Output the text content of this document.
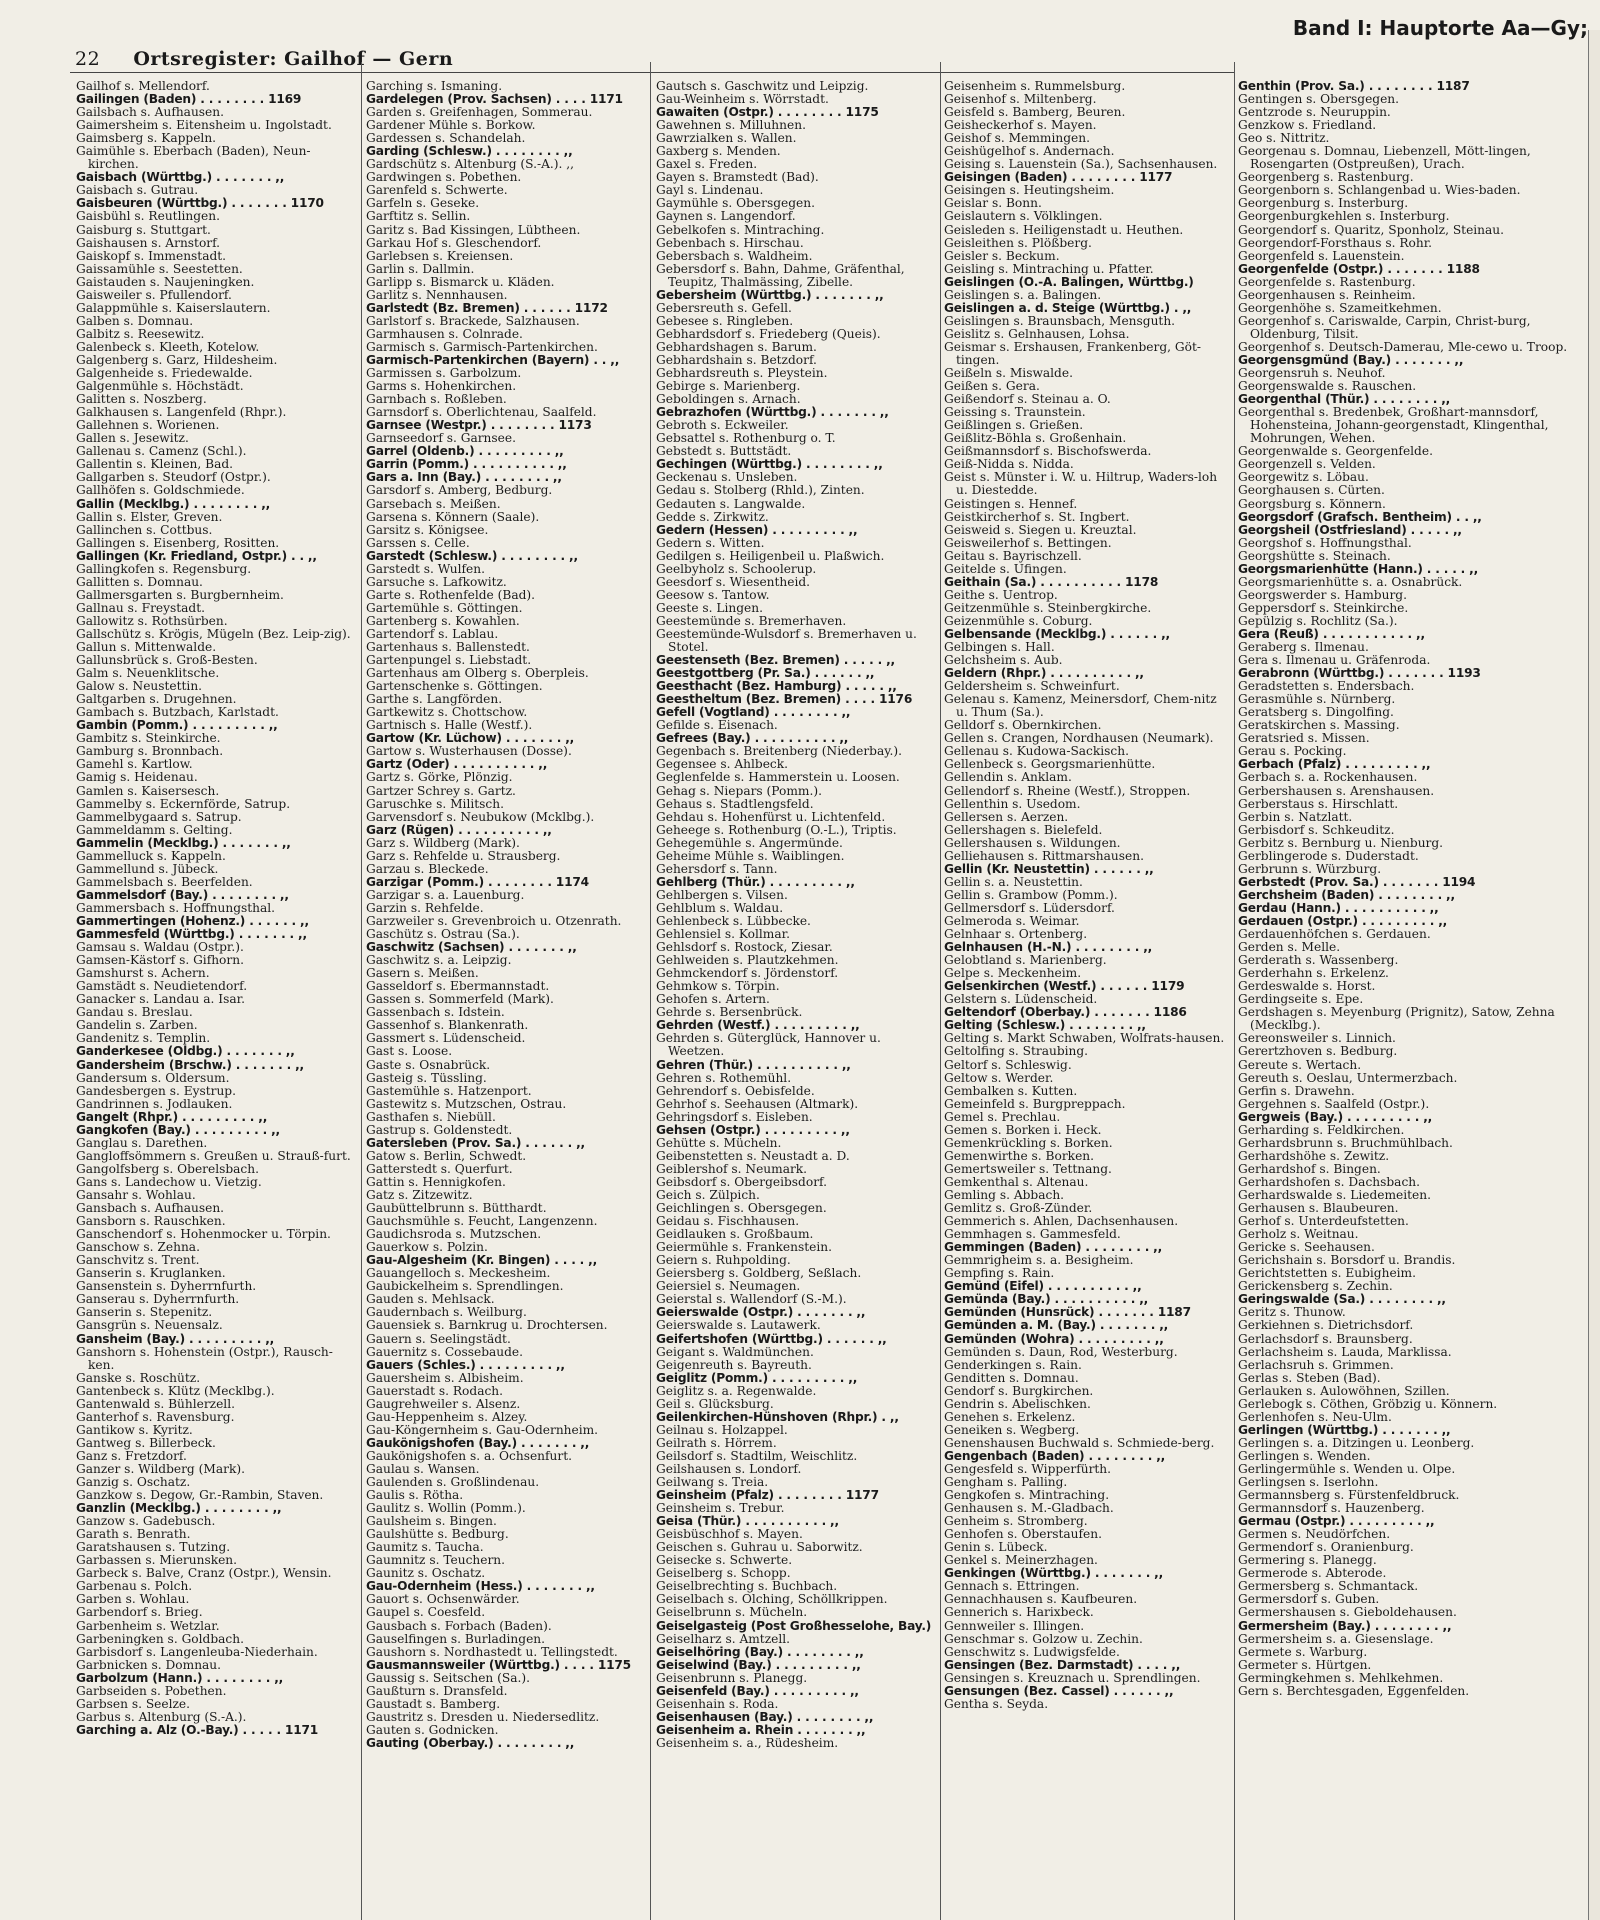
22 Ortsregister: Gailhof — Gern
Band I: Hauptorte Aa—Gy;
Gailhof s. Mellendorf.
Gailingen (Baden) . . . . . . . . 1169
Gailsbach s. Aufhausen.
Gaimersheim s. Eitensheim u. Ingolstadt.
Gaimsberg s. Kappeln.
Gaimühle s. Eberbach (Baden), Neun-kirchen.
Gaisbach (Württbg.) . . . . . . . ,,
Gaisbach s. Gutrau.
Gaisbeuren (Württbg.) . . . . . . . 1170
Gaisbühl s. Reutlingen.
Gaisburg s. Stuttgart.
Gaishausen s. Arnstorf.
Gaiskopf s. Immenstadt.
Gaissamühle s. Seestetten.
Gaistauden s. Naujeningken.
Gaisweiler s. Pfullendorf.
Galappmühle s. Kaiserslautern.
Galben s. Domnau.
Galbitz s. Reesewitz.
Galenbeck s. Kleeth, Kotelow.
Galgenberg s. Garz, Hildesheim.
Galgenheide s. Friedewalde.
Galgenmühle s. Höchstädt.
Galitten s. Noszberg.
Galkhausen s. Langenfeld (Rhpr.).
Gallehnen s. Worienen.
Gallen s. Jesewitz.
Gallenau s. Camenz (Schl.).
Gallentin s. Kleinen, Bad.
Gallgarben s. Steudorf (Ostpr.).
Gallhöfen s. Goldschmiede.
Gallin (Mecklbg.) . . . . . . . . ,,
Gallin s. Elster, Greven.
Gallinchen s. Cottbus.
Gallingen s. Eisenberg, Rositten.
Gallingen (Kr. Friedland, Ostpr.) . . ,,
Gallingkofen s. Regensburg.
Gallitten s. Domnau.
Gallmersgarten s. Burgbernheim.
Gallnau s. Freystadt.
Gallowitz s. Rothsürben.
Gallschütz s. Krögis, Mügeln (Bez. Leip-zig).
Gallun s. Mittenwalde.
Gallunsbrück s. Groß-Besten.
Galm s. Neuenklitsche.
Galow s. Neustettin.
Galtgarben s. Drugehnen.
Gambach s. Butzbach, Karlstadt.
Gambin (Pomm.) . . . . . . . . . ,,
Gambitz s. Steinkirche.
Gamburg s. Bronnbach.
Gamehl s. Kartlow.
Gamig s. Heidenau.
Gamlen s. Kaisersesch.
Gammelby s. Eckernförde, Satrup.
Gammelbygaard s. Satrup.
Gammeldamm s. Gelting.
Gammelin (Mecklbg.) . . . . . . . ,,
Gammelluck s. Kappeln.
Gammellund s. Jübeck.
Gammelsbach s. Beerfelden.
Gammelsdorf (Bay.) . . . . . . . . ,,
Gammersbach s. Hoffnungsthal.
Gammertingen (Hohenz.) . . . . . . ,,
Gammesfeld (Württbg.) . . . . . . . ,,
Gamsau s. Waldau (Ostpr.).
Gamsen-Kästorf s. Gifhorn.
Gamshurst s. Achern.
Gamstädt s. Neudietendorf.
Ganacker s. Landau a. Isar.
Gandau s. Breslau.
Gandelin s. Zarben.
Gandenitz s. Templin.
Ganderkesee (Oldbg.) . . . . . . . ,,
Gandersheim (Brschw.) . . . . . . . ,,
Gandersum s. Oldersum.
Gandesbergen s. Eystrup.
Gandrinnen s. Jodlauken.
Gangelt (Rhpr.) . . . . . . . . . ,,
Gangkofen (Bay.) . . . . . . . . . ,,
Ganglau s. Darethen.
Gangloffsömmern s. Greußen u. Strauß-furt.
Gangolfsberg s. Oberelsbach.
Gans s. Landechow u. Vietzig.
Gansahr s. Wohlau.
Gansbach s. Aufhausen.
Gansborn s. Rauschken.
Ganschendorf s. Hohenmocker u. Törpin.
Ganschow s. Zehna.
Ganschvitz s. Trent.
Ganserin s. Kruglanken.
Gansenstein s. Dyherrnfurth.
Ganserau s. Dyherrnfurth.
Ganserin s. Stepenitz.
Gansgrün s. Neuensalz.
Gansheim (Bay.) . . . . . . . . . ,,
Ganshorn s. Hohenstein (Ostpr.), Rausch-ken.
Ganske s. Roschütz.
Gantenbeck s. Klütz (Mecklbg.).
Gantenwald s. Bühlerzell.
Ganterhof s. Ravensburg.
Gantikow s. Kyritz.
Gantweg s. Billerbeck.
Ganz s. Fretzdorf.
Ganzer s. Wildberg (Mark).
Ganzig s. Oschatz.
Ganzkow s. Degow, Gr.-Rambin, Staven.
Ganzlin (Mecklbg.) . . . . . . . . ,,
Ganzow s. Gadebusch.
Garath s. Benrath.
Garatshausen s. Tutzing.
Garbassen s. Mierunsken.
Garbeck s. Balve, Cranz (Ostpr.), Wensin.
Garbenau s. Polch.
Garben s. Wohlau.
Garbendorf s. Brieg.
Garbenheim s. Wetzlar.
Garbeningken s. Goldbach.
Garbisdorf s. Langenleuba-Niederhain.
Garbnicken s. Domnau.
Garbolzum (Hann.) . . . . . . . . ,,
Garbseiden s. Pobethen.
Garbsen s. Seelze.
Garbus s. Altenburg (S.-A.).
Garching a. Alz (O.-Bay.) . . . . . 1171
Garching s. Ismaning.
Gardelegen (Prov. Sachsen) . . . . 1171
Garden s. Greifenhagen, Sommerau.
Gardener Mühle s. Borkow.
Gardessen s. Schandelah.
Garding (Schlesw.) . . . . . . . . ,,
Gardschütz s. Altenburg (S.-A.). ,,
Gardwingen s. Pobethen.
Garenfeld s. Schwerte.
Garfeln s. Geseke.
Garftitz s. Sellin.
Garitz s. Bad Kissingen, Lübtheen.
Garkau Hof s. Gleschendorf.
Garlebsen s. Kreiensen.
Garlin s. Dallmin.
Garlipp s. Bismarck u. Kläden.
Garlitz s. Nennhausen.
Garlstedt (Bz. Bremen) . . . . . . 1172
Garlstorf s. Brackede, Salzhausen.
Garmhausen s. Colnrade.
Garmisch s. Garmisch-Partenkirchen.
Garmisch-Partenkirchen (Bayern) . . ,,
Garmissen s. Garbolzum.
Garms s. Hohenkirchen.
Garnbach s. Roßleben.
Garnsdorf s. Oberlichtenau, Saalfeld.
Garnsee (Westpr.) . . . . . . . . 1173
Garnseedorf s. Garnsee.
Garrel (Oldenb.) . . . . . . . . . ,,
Garrin (Pomm.) . . . . . . . . . . ,,
Gars a. Inn (Bay.) . . . . . . . . ,,
Garsdorf s. Amberg, Bedburg.
Garsebach s. Meißen.
Garsena s. Könnern (Saale).
Garsitz s. Königsee.
Garssen s. Celle.
Garstedt (Schlesw.) . . . . . . . . ,,
Garstedt s. Wulfen.
Garsuche s. Lafkowitz.
Garte s. Rothenfelde (Bad).
Gartemühle s. Göttingen.
Gartenberg s. Kowahlen.
Gartendorf s. Lablau.
Gartenhaus s. Ballenstedt.
Gartenpungel s. Liebstadt.
Gartenhaus am Ölberg s. Oberpleis.
Gartenschenke s. Göttingen.
Garthe s. Langförden.
Gartkewitz s. Chottschow.
Gartnisch s. Halle (Westf.).
Gartow (Kr. Lüchow) . . . . . . . ,,
Gartow s. Wusterhausen (Dosse).
Gartz (Oder) . . . . . . . . . . ,,
Gartz s. Görke, Plönzig.
Gartzer Schrey s. Gartz.
Garuschke s. Militsch.
Garvensdorf s. Neubukow (Mcklbg.).
Garz (Rügen) . . . . . . . . . . ,,
Garz s. Wildberg (Mark).
Garz s. Rehfelde u. Strausberg.
Garzau s. Bleckede.
Garzigar (Pomm.) . . . . . . . . 1174
Garzigar s. a. Lauenburg.
Garzin s. Rehfelde.
Garzweiler s. Grevenbroich u. Otzenrath.
Gaschütz s. Ostrau (Sa.).
Gaschwitz (Sachsen) . . . . . . . ,,
Gaschwitz s. a. Leipzig.
Gasern s. Meißen.
Gasseldorf s. Ebermannstadt.
Gassen s. Sommerfeld (Mark).
Gassenbach s. Idstein.
Gassenhof s. Blankenrath.
Gassmert s. Lüdenscheid.
Gast s. Loose.
Gaste s. Osnabrück.
Gasteig s. Tüssling.
Gastemühle s. Hatzenport.
Gastewitz s. Mutzschen, Ostrau.
Gasthafen s. Niebüll.
Gastrup s. Goldenstedt.
Gatersleben (Prov. Sa.) . . . . . . ,,
Gatow s. Berlin, Schwedt.
Gatterstedt s. Querfurt.
Gattin s. Hennigkofen.
Gatz s. Zitzewitz.
Gaubüttelbrunn s. Bütthardt.
Gauchsmühle s. Feucht, Langenzenn.
Gaudichsroda s. Mutzschen.
Gauerkow s. Polzin.
Gau-Algesheim (Kr. Bingen) . . . . ,,
Gauangelloch s. Meckesheim.
Gaubickelheim s. Sprendlingen.
Gauden s. Mehlsack.
Gaudernbach s. Weilburg.
Gauensiek s. Barnkrug u. Drochtersen.
Gauern s. Seelingstädt.
Gauernitz s. Cossebaude.
Gauers (Schles.) . . . . . . . . . ,,
Gauersheim s. Albisheim.
Gauerstadt s. Rodach.
Gaugrehweiler s. Alsenz.
Gau-Heppenheim s. Alzey.
Gau-Köngernheim s. Gau-Odernheim.
Gaukönigshofen (Bay.) . . . . . . . ,,
Gaukönigshofen s. a. Ochsenfurt.
Gaulau s. Wansen.
Gaulenden s. Großlindenau.
Gaulis s. Rötha.
Gaulitz s. Wollin (Pomm.).
Gaulsheim s. Bingen.
Gaulshütte s. Bedburg.
Gaumitz s. Taucha.
Gaumnitz s. Teuchern.
Gaunitz s. Oschatz.
Gau-Odernheim (Hess.) . . . . . . . ,,
Gauort s. Ochsenwärder.
Gaupel s. Coesfeld.
Gausbach s. Forbach (Baden).
Gauselfingen s. Burladingen.
Gaushorn s. Nordhastedt u. Tellingstedt.
Gausmannsweiler (Württbg.) . . . . 1175
Gaussig s. Seitschen (Sa.).
Gaußturn s. Dransfeld.
Gaustadt s. Bamberg.
Gaustritz s. Dresden u. Niedersedlitz.
Gauten s. Godnicken.
Gauting (Oberbay.) . . . . . . . . ,,
Gautsch s. Gaschwitz und Leipzig.
Gau-Weinheim s. Wörrstadt.
Gawaiten (Ostpr.) . . . . . . . . 1175
Gawehnen s. Milluhnen.
Gawrzialken s. Wallen.
Gaxberg s. Menden.
Gaxel s. Freden.
Gayen s. Bramstedt (Bad).
Gayl s. Lindenau.
Gaymühle s. Obersgegen.
Gaynen s. Langendorf.
Gebelkofen s. Mintraching.
Gebenbach s. Hirschau.
Gebersbach s. Waldheim.
Gebersdorf s. Bahn, Dahme, Gräfenthal, Teupitz, Thalmässing, Zibelle.
Gebersheim (Württbg.) . . . . . . . ,,
Gebersreuth s. Gefell.
Gebesee s. Ringleben.
Gebhardsdorf s. Friedeberg (Queis).
Gebhardshagen s. Barum.
Gebhardshain s. Betzdorf.
Gebhardsreuth s. Pleystein.
Gebirge s. Marienberg.
Geboldingen s. Arnach.
Gebrazhofen (Württbg.) . . . . . . . ,,
Gebroth s. Eckweiler.
Gebsattel s. Rothenburg o. T.
Gebstedt s. Buttstädt.
Gechingen (Württbg.) . . . . . . . . ,,
Geckenau s. Unsleben.
Gedau s. Stolberg (Rhld.), Zinten.
Gedauten s. Langwalde.
Gedde s. Zirkwitz.
Gedern (Hessen) . . . . . . . . . ,,
Gedern s. Witten.
Gedilgen s. Heiligenbeil u. Plaßwich.
Geelbyholz s. Schoolerup.
Geesdorf s. Wiesentheid.
Geesow s. Tantow.
Geeste s. Lingen.
Geestemünde s. Bremerhaven.
Geestemünde-Wulsdorf s. Bremerhaven u. Stotel.
Geestenseth (Bez. Bremen) . . . . . ,,
Geestgottberg (Pr. Sa.) . . . . . . ,,
Geesthacht (Bez. Hamburg) . . . . . ,,
Geestheltum (Bez. Bremen) . . . . 1176
Gefell (Vogtland) . . . . . . . . ,,
Gefilde s. Eisenach.
Gefrees (Bay.) . . . . . . . . . . ,,
Gegenbach s. Breitenberg (Niederbay.).
Gegensee s. Ahlbeck.
Geglenfelde s. Hammerstein u. Loosen.
Gehag s. Niepars (Pomm.).
Gehaus s. Stadtlengsfeld.
Gehdau s. Hohenfürst u. Lichtenfeld.
Geheege s. Rothenburg (O.-L.), Triptis.
Gehegemühle s. Angermünde.
Geheime Mühle s. Waiblingen.
Gehersdorf s. Tann.
Gehlberg (Thür.) . . . . . . . . . ,,
Gehlbergen s. Vilsen.
Gehlblum s. Waldau.
Gehlenbeck s. Lübbecke.
Gehlensiel s. Kollmar.
Gehlsdorf s. Rostock, Ziesar.
Gehlweiden s. Plautzkehmen.
Gehmckendorf s. Jördenstorf.
Gehmkow s. Törpin.
Gehofen s. Artern.
Gehrde s. Bersenbrück.
Gehrden (Westf.) . . . . . . . . . ,,
Gehrden s. Güterglück, Hannover u. Weetzen.
Gehren (Thür.) . . . . . . . . . . ,,
Gehren s. Rothemühl.
Gehrendorf s. Oebisfelde.
Gehrhof s. Seehausen (Altmark).
Gehringsdorf s. Eisleben.
Gehsen (Ostpr.) . . . . . . . . . ,,
Gehütte s. Mücheln.
Geibenstetten s. Neustadt a. D.
Geiblershof s. Neumark.
Geibsdorf s. Obergeibsdorf.
Geich s. Zülpich.
Geichlingen s. Obersgegen.
Geidau s. Fischhausen.
Geidlauken s. Großbaum.
Geiermühle s. Frankenstein.
Geiern s. Ruhpolding.
Geiersberg s. Goldberg, Seßlach.
Geiersiel s. Neumagen.
Geierstal s. Wallendorf (S.-M.).
Geierswalde (Ostpr.) . . . . . . . ,,
Geierswalde s. Lautawerk.
Geifertshofen (Württbg.) . . . . . . ,,
Geigant s. Waldmünchen.
Geigenreuth s. Bayreuth.
Geiglitz (Pomm.) . . . . . . . . . ,,
Geiglitz s. a. Regenwalde.
Geil s. Glücksburg.
Geilenkirchen-Hünshoven (Rhpr.) . ,,
Geilnau s. Holzappel.
Geilrath s. Hörrem.
Geilsdorf s. Stadtilm, Weischlitz.
Geilshausen s. Londorf.
Geilwang s. Treia.
Geinsheim (Pfalz) . . . . . . . . 1177
Geinsheim s. Trebur.
Geisa (Thür.) . . . . . . . . . . ,,
Geisbüschhof s. Mayen.
Geischen s. Guhrau u. Saborwitz.
Geisecke s. Schwerte.
Geiselberg s. Schopp.
Geiselbrechting s. Buchbach.
Geiselbach s. Ölching, Schöllkrippen.
Geiselbrunn s. Mücheln.
Geiselgasteig (Post Großhesselohe, Bay.)
Geiselharz s. Amtzell.
Geiselhöring (Bay.) . . . . . . . . ,,
Geiselwind (Bay.) . . . . . . . . . ,,
Geisenbrunn s. Planegg.
Geisenfeld (Bay.) . . . . . . . . . ,,
Geisenhain s. Roda.
Geisenhausen (Bay.) . . . . . . . . ,,
Geisenheim a. Rhein . . . . . . . ,,
Geisenheim s. a., Rüdesheim.
Geisenheim s. Rummelsburg.
Geisenhof s. Miltenberg.
Geisfeld s. Bamberg, Beuren.
Geisheckerhof s. Mayen.
Geishof s. Memmingen.
Geishügelhof s. Andernach.
Geising s. Lauenstein (Sa.), Sachsenhausen.
Geisingen (Baden) . . . . . . . . 1177
Geisingen s. Heutingsheim.
Geislar s. Bonn.
Geislautern s. Völklingen.
Geisleden s. Heiligenstadt u. Heuthen.
Geisleithen s. Plößberg.
Geisler s. Beckum.
Geisling s. Mintraching u. Pfatter.
Geislingen (O.-A. Balingen, Württbg.)
Geislingen s. a. Balingen.
Geislingen a. d. Steige (Württbg.) . ,,
Geislingen s. Braunsbach, Mensguth.
Geislitz s. Gelnhausen, Lohsa.
Geismar s. Ershausen, Frankenberg, Göt-tingen.
Geißeln s. Miswalde.
Geißen s. Gera.
Geißendorf s. Steinau a. O.
Geissing s. Traunstein.
Geißlingen s. Grießen.
Geißlitz-Böhla s. Großenhain.
Geißmannsdorf s. Bischofswerda.
Geiß-Nidda s. Nidda.
Geist s. Münster i. W. u. Hiltrup, Waders-loh u. Diestedde.
Geistingen s. Hennef.
Geistkircherhof s. St. Ingbert.
Geisweid s. Siegen u. Kreuztal.
Geisweilerhof s. Bettingen.
Geitau s. Bayrischzell.
Geitelde s. Üfingen.
Geithain (Sa.) . . . . . . . . . . 1178
Geithe s. Uentrop.
Geitzenmühle s. Steinbergkirche.
Geizenmühle s. Coburg.
Gelbensande (Mecklbg.) . . . . . . ,,
Gelbingen s. Hall.
Gelchsheim s. Aub.
Geldern (Rhpr.) . . . . . . . . . . ,,
Geldersheim s. Schweinfurt.
Gelenau s. Kamenz, Meinersdorf, Chem-nitz u. Thum (Sa.).
Gelldorf s. Obernkirchen.
Gellen s. Crangen, Nordhausen (Neumark).
Gellenau s. Kudowa-Sackisch.
Gellenbeck s. Georgsmarienhütte.
Gellendin s. Anklam.
Gellendorf s. Rheine (Westf.), Stroppen.
Gellenthin s. Usedom.
Gellersen s. Aerzen.
Gellershagen s. Bielefeld.
Gellershausen s. Wildungen.
Gelliehausen s. Rittmarshausen.
Gellin (Kr. Neustettin) . . . . . . ,,
Gellin s. a. Neustettin.
Gellin s. Grambow (Pomm.).
Gellmersdorf s. Lüdersdorf.
Gelmeroda s. Weimar.
Gelnhaar s. Ortenberg.
Gelnhausen (H.-N.) . . . . . . . . ,,
Gelobtland s. Marienberg.
Gelpe s. Meckenheim.
Gelsenkirchen (Westf.) . . . . . . 1179
Gelstern s. Lüdenscheid.
Geltendorf (Oberbay.) . . . . . . . 1186
Gelting (Schlesw.) . . . . . . . . ,,
Gelting s. Markt Schwaben, Wolfrats-hausen.
Geltolfing s. Straubing.
Geltorf s. Schleswig.
Geltow s. Werder.
Gembalken s. Kutten.
Gemeinfeld s. Burgpreppach.
Gemel s. Prechlau.
Gemen s. Borken i. Heck.
Gemenkrückling s. Borken.
Gemenwirthe s. Borken.
Gemertsweiler s. Tettnang.
Gemkenthal s. Altenau.
Gemling s. Abbach.
Gemlitz s. Groß-Zünder.
Gemmerich s. Ahlen, Dachsenhausen.
Gemmhagen s. Gammesfeld.
Gemmingen (Baden) . . . . . . . . ,,
Gemmrigheim s. a. Besigheim.
Gempfing s. Rain.
Gemünd (Eifel) . . . . . . . . . . ,,
Gemünda (Bay.) . . . . . . . . . . ,,
Gemünden (Hunsrück) . . . . . . . 1187
Gemünden a. M. (Bay.) . . . . . . . ,,
Gemünden (Wohra) . . . . . . . . . ,,
Gemünden s. Daun, Rod, Westerburg.
Genderkingen s. Rain.
Genditten s. Domnau.
Gendorf s. Burgkirchen.
Gendrin s. Abelischken.
Genehen s. Erkelenz.
Geneiken s. Wegberg.
Genenshausen Buchwald s. Schmiede-berg.
Gengenbach (Baden) . . . . . . . . ,,
Gengesfeld s. Wipperfürth.
Gengham s. Palling.
Gengkofen s. Mintraching.
Genhausen s. M.-Gladbach.
Genheim s. Stromberg.
Genhofen s. Oberstaufen.
Genin s. Lübeck.
Genkel s. Meinerzhagen.
Genkingen (Württbg.) . . . . . . . ,,
Gennach s. Ettringen.
Gennachhausen s. Kaufbeuren.
Gennerich s. Harixbeck.
Gennweiler s. Illingen.
Genschmar s. Golzow u. Zechin.
Genschwitz s. Ludwigsfelde.
Gensingen (Bez. Darmstadt) . . . . ,,
Gensingen s. Kreuznach u. Sprendlingen.
Gensungen (Bez. Cassel) . . . . . . ,,
Gentha s. Seyda.
Genthin (Prov. Sa.) . . . . . . . . 1187
Gentingen s. Obersgegen.
Gentzrode s. Neuruppin.
Genzkow s. Friedland.
Geo s. Nittritz.
Georgenau s. Domnau, Liebenzell, Mött-lingen, Rosengarten (Ostpreußen), Urach.
Georgenberg s. Rastenburg.
Georgenborn s. Schlangenbad u. Wies-baden.
Georgenburg s. Insterburg.
Georgenburgkehlen s. Insterburg.
Georgendorf s. Quaritz, Sponholz, Steinau.
Georgendorf-Forsthaus s. Rohr.
Georgenfeld s. Lauenstein.
Georgenfelde (Ostpr.) . . . . . . . 1188
Georgenfelde s. Rastenburg.
Georgenhausen s. Reinheim.
Georgenhöhe s. Szameitkehmen.
Georgenhof s. Cariswalde, Carpin, Christ-burg, Oldenburg, Tilsit.
Georgenhof s. Deutsch-Damerau, Mle-cewo u. Troop.
Georgensgmünd (Bay.) . . . . . . . ,,
Georgensruh s. Neuhof.
Georgenswalde s. Rauschen.
Georgenthal (Thür.) . . . . . . . . ,,
Georgenthal s. Bredenbek, Großhart-mannsdorf, Hohensteina, Johann-georgenstadt, Klingenthal, Mohrungen, Wehen.
Georgenwalde s. Georgenfelde.
Georgenzell s. Velden.
Georgewitz s. Löbau.
Georghausen s. Cürten.
Georgsburg s. Könnern.
Georgsdorf (Grafsch. Bentheim) . . ,,
Georgsheil (Ostfriesland) . . . . . ,,
Georgshof s. Hoffnungsthal.
Georgshütte s. Steinach.
Georgsmarienhütte (Hann.) . . . . . ,,
Georgsmarienhütte s. a. Osnabrück.
Georgswerder s. Hamburg.
Geppersdorf s. Steinkirche.
Gepülzig s. Rochlitz (Sa.).
Gera (Reuß) . . . . . . . . . . . ,,
Geraberg s. Ilmenau.
Gera s. Ilmenau u. Gräfenroda.
Gerabronn (Württbg.) . . . . . . . 1193
Geradstetten s. Endersbach.
Gerasmühle s. Nürnberg.
Geratsberg s. Dingolfing.
Geratskirchen s. Massing.
Geratsried s. Missen.
Gerau s. Pocking.
Gerbach (Pfalz) . . . . . . . . . ,,
Gerbach s. a. Rockenhausen.
Gerbershausen s. Arenshausen.
Gerberstaus s. Hirschlatt.
Gerbin s. Natzlatt.
Gerbisdorf s. Schkeuditz.
Gerbitz s. Bernburg u. Nienburg.
Gerblingerode s. Duderstadt.
Gerbrunn s. Würzburg.
Gerbstedt (Prov. Sa.) . . . . . . . 1194
Gerchsheim (Baden) . . . . . . . . ,,
Gerdau (Hann.) . . . . . . . . . . ,,
Gerdauen (Ostpr.) . . . . . . . . . ,,
Gerdauenhöfchen s. Gerdauen.
Gerden s. Melle.
Gerderath s. Wassenberg.
Gerderhahn s. Erkelenz.
Gerdeswalde s. Horst.
Gerdingseite s. Epe.
Gerdshagen s. Meyenburg (Prignitz), Satow, Zehna (Mecklbg.).
Gereonsweiler s. Linnich.
Gerertzhoven s. Bedburg.
Gereute s. Wertach.
Gereuth s. Oeslau, Untermerzbach.
Gerfin s. Drawehn.
Gergehnen s. Saalfeld (Ostpr.).
Gergweis (Bay.) . . . . . . . . . ,,
Gerharding s. Feldkirchen.
Gerhardsbrunn s. Bruchmühlbach.
Gerhardshöhe s. Zewitz.
Gerhardshof s. Bingen.
Gerhardshofen s. Dachsbach.
Gerhardswalde s. Liedemeiten.
Gerhausen s. Blaubeuren.
Gerhof s. Unterdeufstetten.
Gerholz s. Weitnau.
Gericke s. Seehausen.
Gerichshain s. Borsdorf u. Brandis.
Gerichtstetten s. Eubigheim.
Gerickensberg s. Zechin.
Geringswalde (Sa.) . . . . . . . . ,,
Geritz s. Thunow.
Gerkiehnen s. Dietrichsdorf.
Gerlachsdorf s. Braunsberg.
Gerlachsheim s. Lauda, Marklissa.
Gerlachsruh s. Grimmen.
Gerlas s. Steben (Bad).
Gerlauken s. Aulowöhnen, Szillen.
Gerlebogk s. Cöthen, Gröbzig u. Könnern.
Gerlenhofen s. Neu-Ulm.
Gerlingen (Württbg.) . . . . . . . ,,
Gerlingen s. a. Ditzingen u. Leonberg.
Gerlingen s. Wenden.
Gerlingermühle s. Wenden u. Olpe.
Gerlingsen s. Iserlohn.
Germannsberg s. Fürstenfeldbruck.
Germannsdorf s. Hauzenberg.
Germau (Ostpr.) . . . . . . . . . ,,
Germen s. Neudörfchen.
Germendorf s. Oranienburg.
Germering s. Planegg.
Germerode s. Abterode.
Germersberg s. Schmantack.
Germersdorf s. Guben.
Germershausen s. Gieboldehausen.
Germersheim (Bay.) . . . . . . . . ,,
Germersheim s. a. Giesenslage.
Germete s. Warburg.
Germeter s. Hürtgen.
Germingkehmen s. Mehlkehmen.
Gern s. Berchtesgaden, Eggenfelden.
